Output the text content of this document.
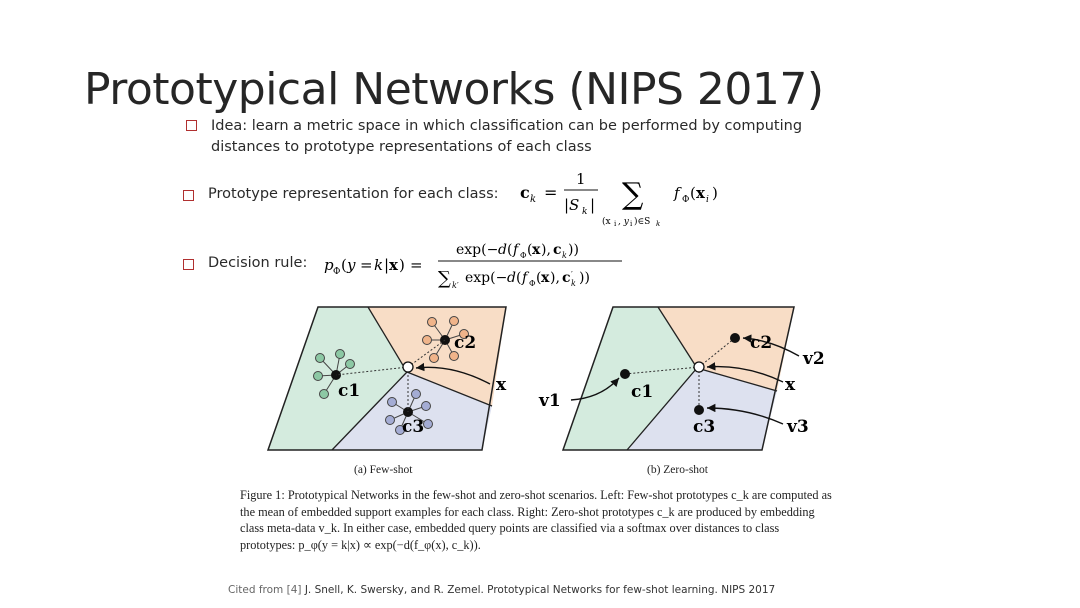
Prototypical Networks (NIPS 2017)
Idea: learn a metric space in which classification can be performed by computing distances to prototype representations of each class
Prototype representation for each class: c k =
1
|S k | ∑
(x i , y i )∈S k
f Φ ( x i )
Decision rule: p Φ ( y = k | x ) =
exp(− d ( f Φ ( x ), c k ))
∑ k′ exp(− d ( f Φ ( x ), c ′
k ))
c1
c2
c3
x	c1
c2
c3
x
v1
v2
v3
(a) Few-shot	(b) Zero-shot
Figure 1: Prototypical Networks in the few-shot and zero-shot scenarios. Left: Few-shot prototypes c_k are computed as the mean of embedded support examples for each class. Right: Zero-shot prototypes c_k are produced by embedding class meta-data v_k. In either case, embedded query points are classified via a softmax over distances to class prototypes: p_φ(y = k|x) ∝ exp(−d(f_φ(x), c_k)).
Cited from [4] J. Snell, K. Swersky, and R. Zemel. Prototypical Networks for few-shot learning. NIPS 2017
